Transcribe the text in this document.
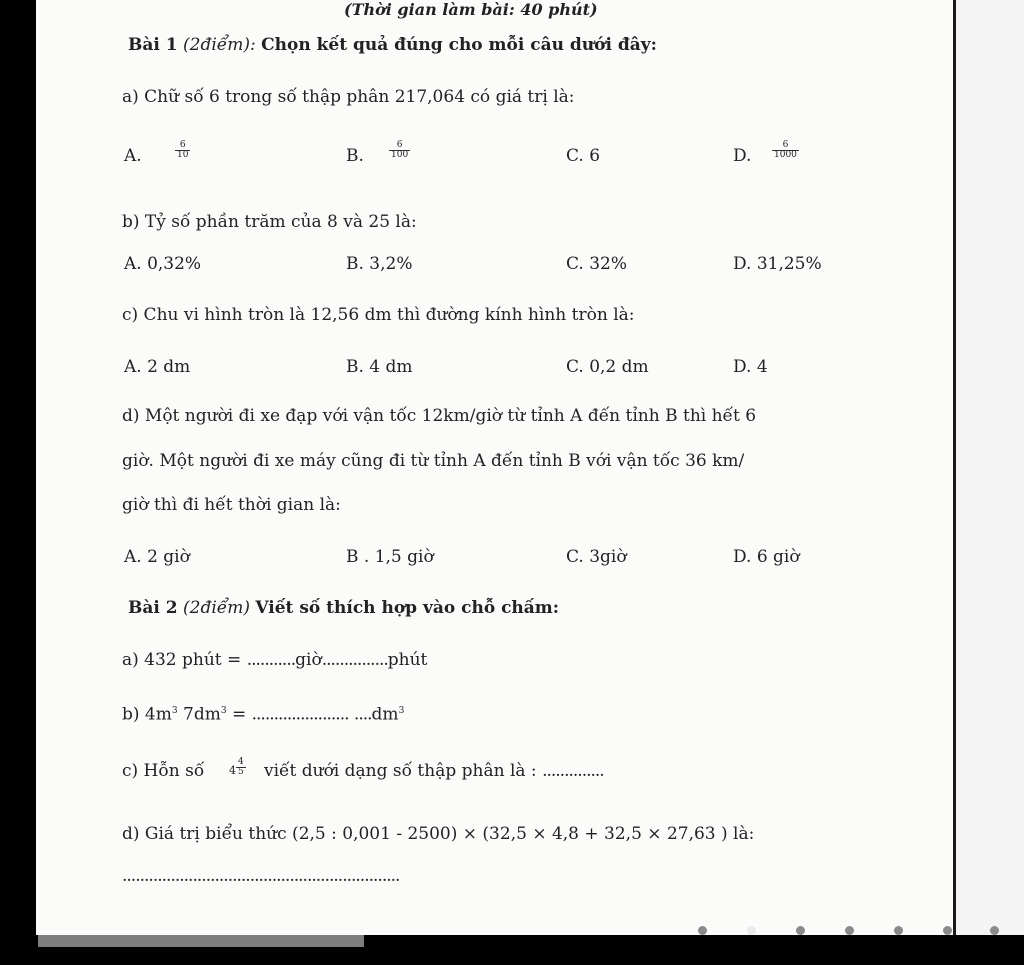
(Thời gian làm bài: 40 phút)
Bài 1 (2điểm): Chọn kết quả đúng cho mỗi câu dưới đây:
a) Chữ số 6 trong số thập phân 217,064 có giá trị là:
A.	$\frac{6}{10}$	B.	$\frac{6}{100}$	C. 6	D. $\frac{6}{1000}$
b) Tỷ số phần trăm của 8 và 25 là:
A. 0,32%	B. 3,2%	C. 32%	D. 31,25%
c) Chu vi hình tròn là 12,56 dm thì đường kính hình tròn là:
A. 2 dm	B. 4 dm	C. 0,2 dm	D. 4
d) Một người đi xe đạp với vận tốc 12km/giờ từ tỉnh A đến tỉnh B thì hết 6
giờ. Một người đi xe máy cũng đi từ tỉnh A đến tỉnh B với vận tốc 36 km/
giờ thì đi hết thời gian là:
A. 2 giờ	B . 1,5 giờ	C. 3giờ	D. 6 giờ
Bài 2 (2điểm) Viết số thích hợp vào chỗ chấm:
a) 432 phút = ...........giờ...............phút
b) $4m^3$ $7dm^3$ = ...................... $....dm^3$
c) Hỗn số $4 \frac{4}{5}$ viết dưới dạng số thập phân là : ..............
d) Giá trị biểu thức (2,5 : 0,001 - 2500) × (32,5 × 4,8 + 32,5 × 27,63 ) là:
...............................................................
